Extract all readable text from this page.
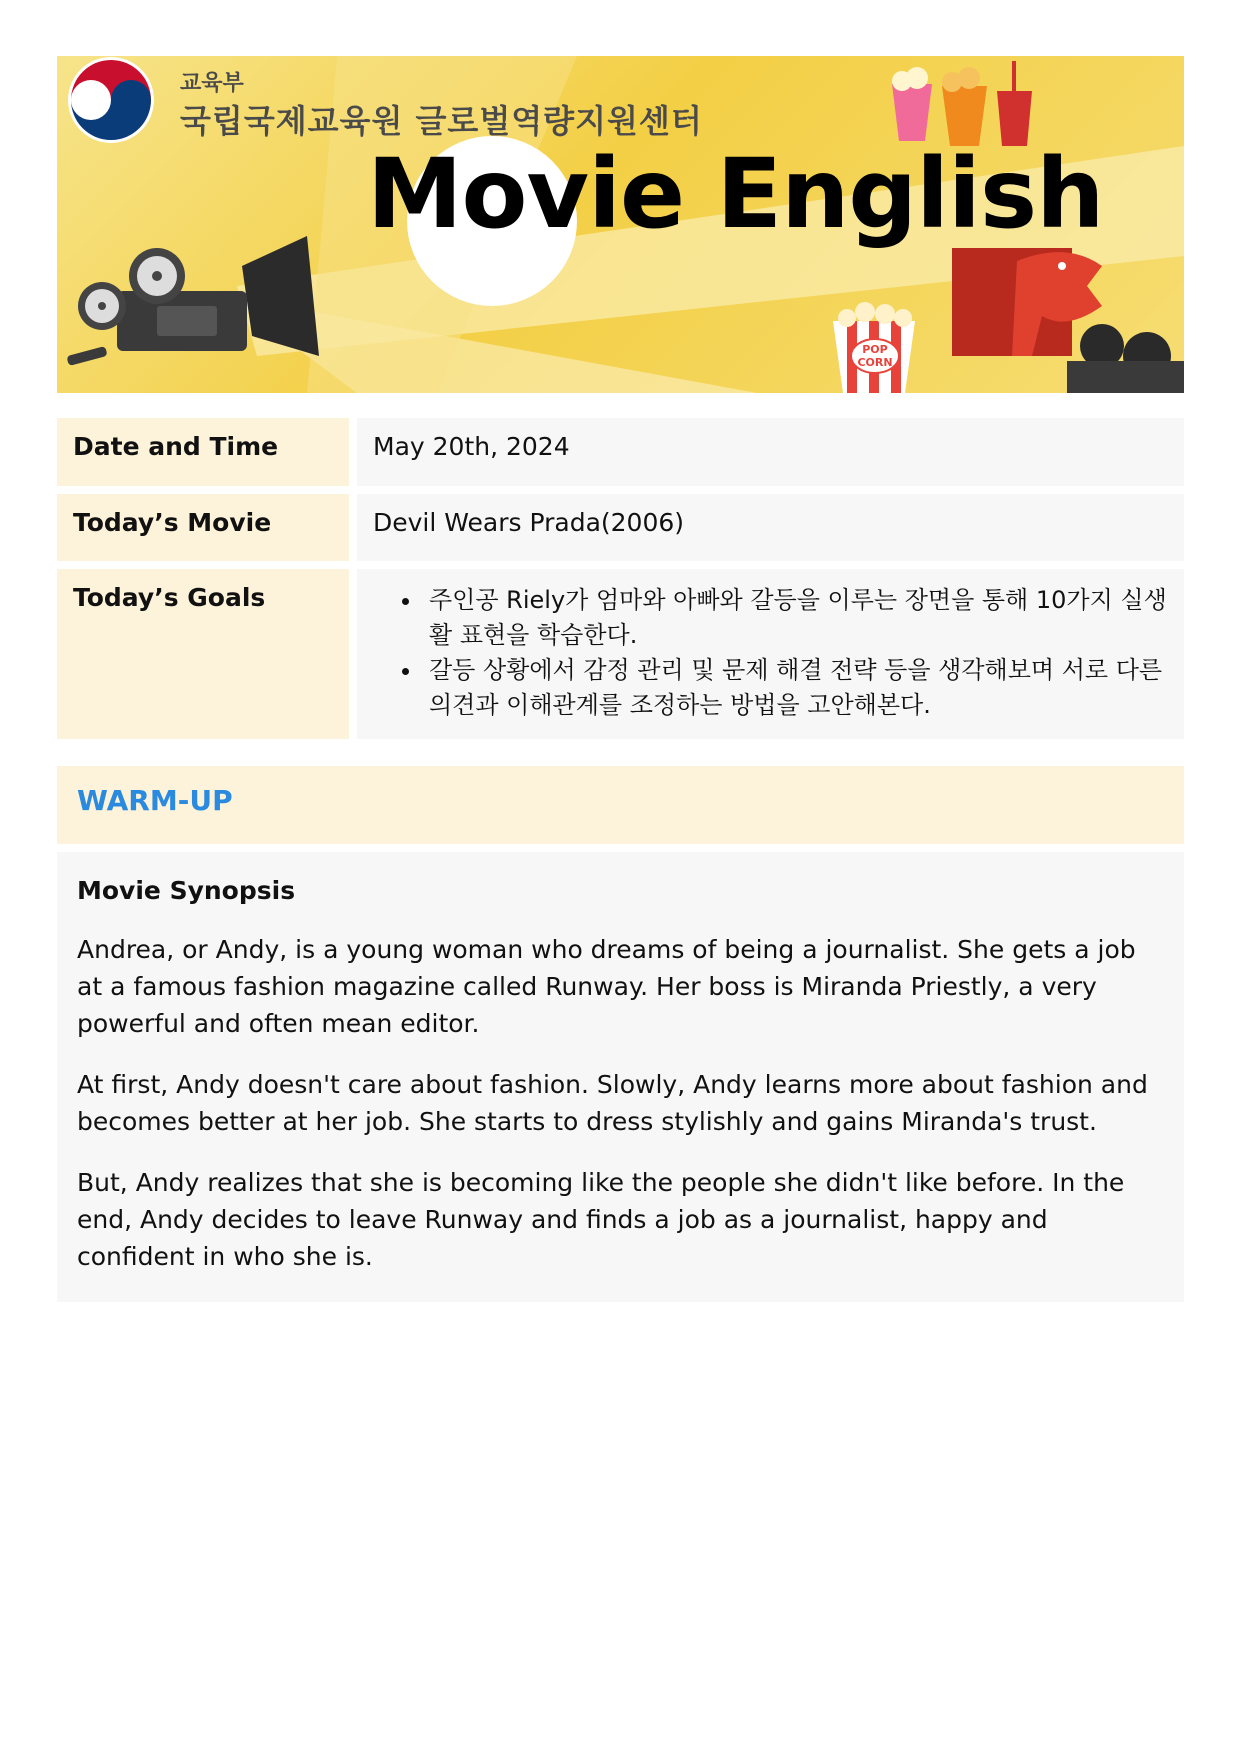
POP
CORN
교육부
국립국제교육원 글로벌역량지원센터
Movie English
Date and Time	May 20th, 2024
Today’s Movie	Devil Wears Prada(2006)
Today’s Goals
•	주인공 Riely가 엄마와 아빠와 갈등을 이루는 장면을 통해 10가지 실생활 표현을 학습한다.
• 갈등 상황에서 감정 관리 및 문제 해결 전략 등을 생각해보며 서로 다른 의견과 이해관계를 조정하는 방법을 고안해본다.
WARM-UP
Movie Synopsis

Andrea, or Andy, is a young woman who dreams of being a journalist. She gets a job at a famous fashion magazine called Runway. Her boss is Miranda Priestly, a very powerful and often mean editor.

At first, Andy doesn't care about fashion. Slowly, Andy learns more about fashion and becomes better at her job. She starts to dress stylishly and gains Miranda's trust.

But, Andy realizes that she is becoming like the people she didn't like before. In the end, Andy decides to leave Runway and finds a job as a journalist, happy and confident in who she is.
